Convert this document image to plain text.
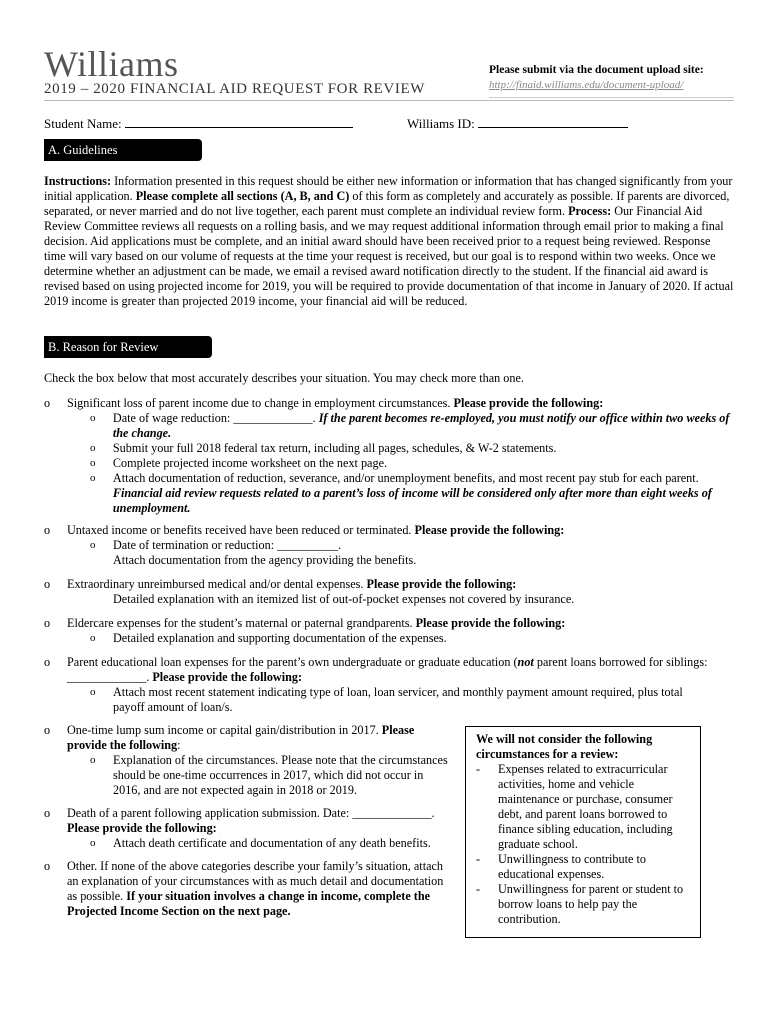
Williams
2019 – 2020 FINANCIAL AID REQUEST FOR REVIEW
Please submit via the document upload site:
http://finaid.williams.edu/document-upload/
Student Name:	Williams ID:
A. Guidelines
Instructions: Information presented in this request should be either new information or information that has changed significantly from your initial application. Please complete all sections (A, B, and C) of this form as completely and accurately as possible. If parents are divorced, separated, or never married and do not live together, each parent must complete an individual review form. Process: Our Financial Aid Review Committee reviews all requests on a rolling basis, and we may request additional information through email prior to making a final decision. Aid applications must be complete, and an initial award should have been received prior to a request being reviewed. Response time will vary based on our volume of requests at the time your request is received, but our goal is to respond within two weeks. Once we determine whether an adjustment can be made, we email a revised award notification directly to the student. If the financial aid award is revised based on using projected income for 2019, you will be required to provide documentation of that income in January of 2020. If actual 2019 income is greater than projected 2019 income, your financial aid will be reduced.
B. Reason for Review
Check the box below that most accurately describes your situation. You may check more than one.
o Significant loss of parent income due to change in employment circumstances. Please provide the following:
o	Date of wage reduction: _____________. If the parent becomes re-employed, you must notify our office within two weeks of the change.
o	Submit your full 2018 federal tax return, including all pages, schedules, & W-2 statements.
o	Complete projected income worksheet on the next page.
o	Attach documentation of reduction, severance, and/or unemployment benefits, and most recent pay stub for each parent. Financial aid review requests related to a parent’s loss of income will be considered only after more than eight weeks of unemployment.
o Untaxed income or benefits received have been reduced or terminated. Please provide the following:
o	Date of termination or reduction: __________.
Attach documentation from the agency providing the benefits.
o Extraordinary unreimbursed medical and/or dental expenses. Please provide the following:
Detailed explanation with an itemized list of out-of-pocket expenses not covered by insurance.
o Eldercare expenses for the student’s maternal or paternal grandparents. Please provide the following:
o	Detailed explanation and supporting documentation of the expenses.
o Parent educational loan expenses for the parent’s own undergraduate or graduate education (not parent loans borrowed for siblings: _____________. Please provide the following:
o	Attach most recent statement indicating type of loan, loan servicer, and monthly payment amount required, plus total payoff amount of loan/s.
o One-time lump sum income or capital gain/distribution in 2017. Please provide the following:
o	Explanation of the circumstances. Please note that the circumstances should be one-time occurrences in 2017, which did not occur in 2016, and are not expected again in 2018 or 2019.
o Death of a parent following application submission. Date: _____________. Please provide the following:
o	Attach death certificate and documentation of any death benefits.
o Other. If none of the above categories describe your family’s situation, attach an explanation of your circumstances with as much detail and documentation as possible. If your situation involves a change in income, complete the Projected Income Section on the next page.
We will not consider the following circumstances for a review:
- Expenses related to extracurricular activities, home and vehicle maintenance or purchase, consumer debt, and parent loans borrowed to finance sibling education, including graduate school.
- Unwillingness to contribute to educational expenses.
- Unwillingness for parent or student to borrow loans to help pay the contribution.
